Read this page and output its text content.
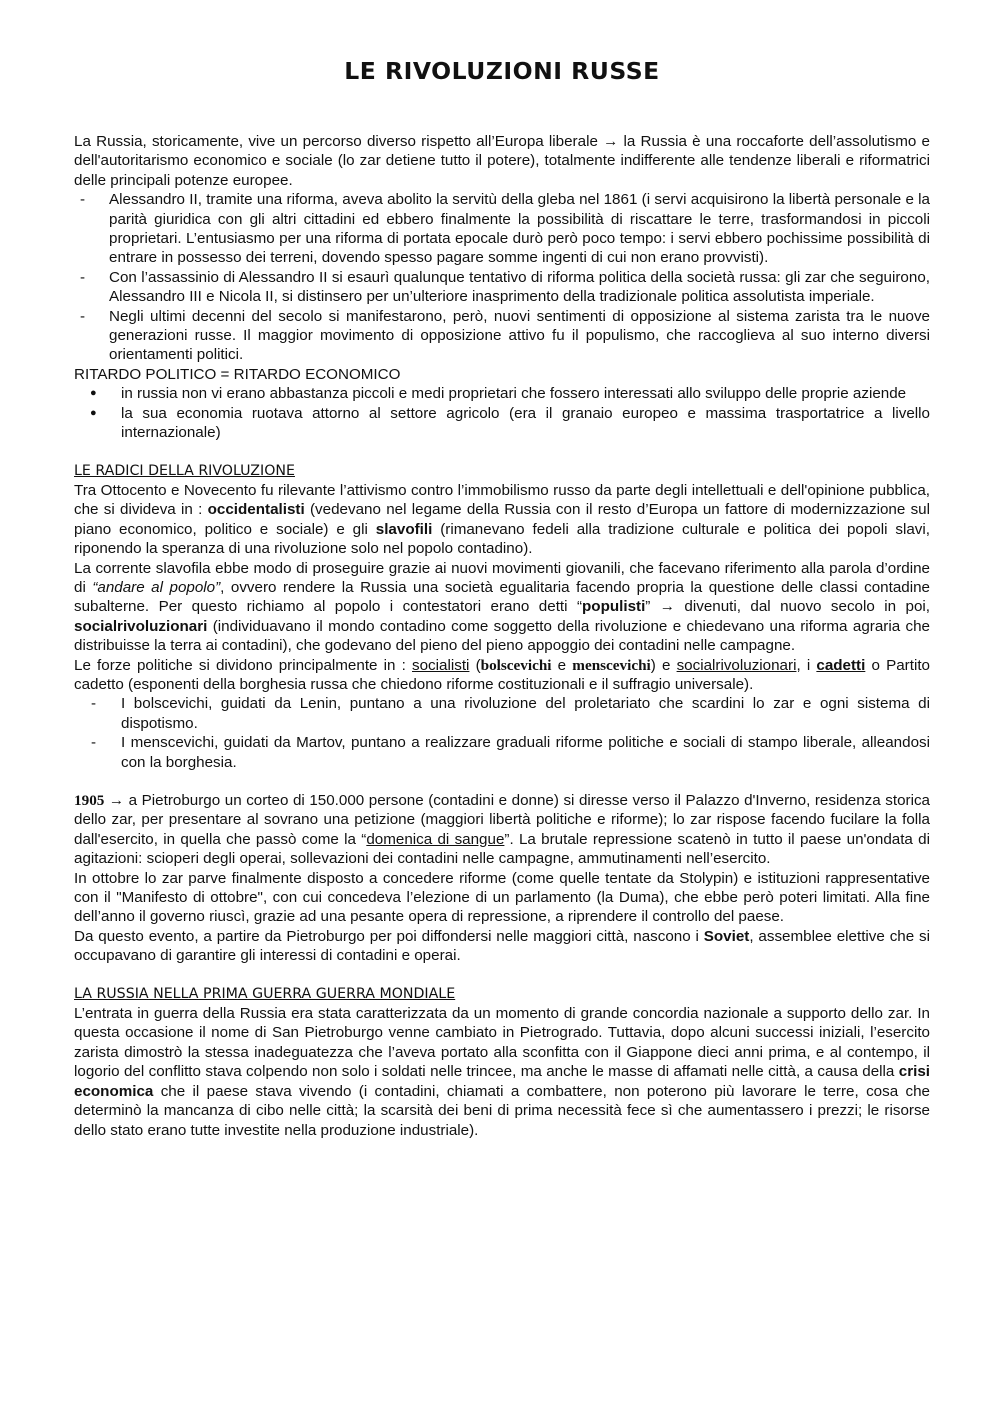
LE RIVOLUZIONI RUSSE

La Russia, storicamente, vive un percorso diverso rispetto all’Europa liberale → la Russia è una roccaforte dell’assolutismo e dell'autoritarismo economico e sociale (lo zar detiene tutto il potere), totalmente indifferente alle tendenze liberali e riformatrici delle principali potenze europee.

- Alessandro II, tramite una riforma, aveva abolito la servitù della gleba nel 1861 (i servi acquisirono la libertà personale e la parità giuridica con gli altri cittadini ed ebbero finalmente la possibilità di riscattare le terre, trasformandosi in piccoli proprietari. L’entusiasmo per una riforma di portata epocale durò però poco tempo: i servi ebbero pochissime possibilità di entrare in possesso dei terreni, dovendo spesso pagare somme ingenti di cui non erano provvisti).
- Con l’assassinio di Alessandro II si esaurì qualunque tentativo di riforma politica della società russa: gli zar che seguirono, Alessandro III e Nicola II, si distinsero per un’ulteriore inasprimento della tradizionale politica assolutista imperiale.
- Negli ultimi decenni del secolo si manifestarono, però, nuovi sentimenti di opposizione al sistema zarista tra le nuove generazioni russe. Il maggior movimento di opposizione attivo fu il populismo, che raccoglieva al suo interno diversi orientamenti politici.

RITARDO POLITICO = RITARDO ECONOMICO

● in russia non vi erano abbastanza piccoli e medi proprietari che fossero interessati allo sviluppo delle proprie aziende
● la sua economia ruotava attorno al settore agricolo (era il granaio europeo e massima trasportatrice a livello internazionale)

LE RADICI DELLA RIVOLUZIONE

Tra Ottocento e Novecento fu rilevante l’attivismo contro l’immobilismo russo da parte degli intellettuali e dell'opinione pubblica, che si divideva in : occidentalisti (vedevano nel legame della Russia con il resto d’Europa un fattore di modernizzazione sul piano economico, politico e sociale) e gli slavofili (rimanevano fedeli alla tradizione culturale e politica dei popoli slavi, riponendo la speranza di una rivoluzione solo nel popolo contadino).

La corrente slavofila ebbe modo di proseguire grazie ai nuovi movimenti giovanili, che facevano riferimento alla parola d’ordine di “andare al popolo”, ovvero rendere la Russia una società egualitaria facendo propria la questione delle classi contadine subalterne. Per questo richiamo al popolo i contestatori erano detti “populisti” → divenuti, dal nuovo secolo in poi, socialrivoluzionari (individuavano il mondo contadino come soggetto della rivoluzione e chiedevano una riforma agraria che distribuisse la terra ai contadini), che godevano del pieno del pieno appoggio dei contadini nelle campagne.

Le forze politiche si dividono principalmente in : socialisti (bolscevichi e menscevichi) e socialrivoluzionari, i cadetti o Partito cadetto (esponenti della borghesia russa che chiedono riforme costituzionali e il suffragio universale).

- I bolscevichi, guidati da Lenin, puntano a una rivoluzione del proletariato che scardini lo zar e ogni sistema di dispotismo.
- I menscevichi, guidati da Martov, puntano a realizzare graduali riforme politiche e sociali di stampo liberale, alleandosi con la borghesia.

1905 → a Pietroburgo un corteo di 150.000 persone (contadini e donne) si diresse verso il Palazzo d'Inverno, residenza storica dello zar, per presentare al sovrano una petizione (maggiori libertà politiche e riforme); lo zar rispose facendo fucilare la folla dall'esercito, in quella che passò come la “domenica di sangue”. La brutale repressione scatenò in tutto il paese un'ondata di agitazioni: scioperi degli operai, sollevazioni dei contadini nelle campagne, ammutinamenti nell’esercito.

In ottobre lo zar parve finalmente disposto a concedere riforme (come quelle tentate da Stolypin) e istituzioni rappresentative con il "Manifesto di ottobre", con cui concedeva l’elezione di un parlamento (la Duma), che ebbe però poteri limitati. Alla fine dell’anno il governo riuscì, grazie ad una pesante opera di repressione, a riprendere il controllo del paese.

Da questo evento, a partire da Pietroburgo per poi diffondersi nelle maggiori città, nascono i Soviet, assemblee elettive che si occupavano di garantire gli interessi di contadini e operai.

LA RUSSIA NELLA PRIMA GUERRA GUERRA MONDIALE

L’entrata in guerra della Russia era stata caratterizzata da un momento di grande concordia nazionale a supporto dello zar. In questa occasione il nome di San Pietroburgo venne cambiato in Pietrogrado. Tuttavia, dopo alcuni successi iniziali, l’esercito zarista dimostrò la stessa inadeguatezza che l’aveva portato alla sconfitta con il Giappone dieci anni prima, e al contempo, il logorio del conflitto stava colpendo non solo i soldati nelle trincee, ma anche le masse di affamati nelle città, a causa della crisi economica che il paese stava vivendo (i contadini, chiamati a combattere, non poterono più lavorare le terre, cosa che determinò la mancanza di cibo nelle città; la scarsità dei beni di prima necessità fece sì che aumentassero i prezzi; le risorse dello stato erano tutte investite nella produzione industriale).
